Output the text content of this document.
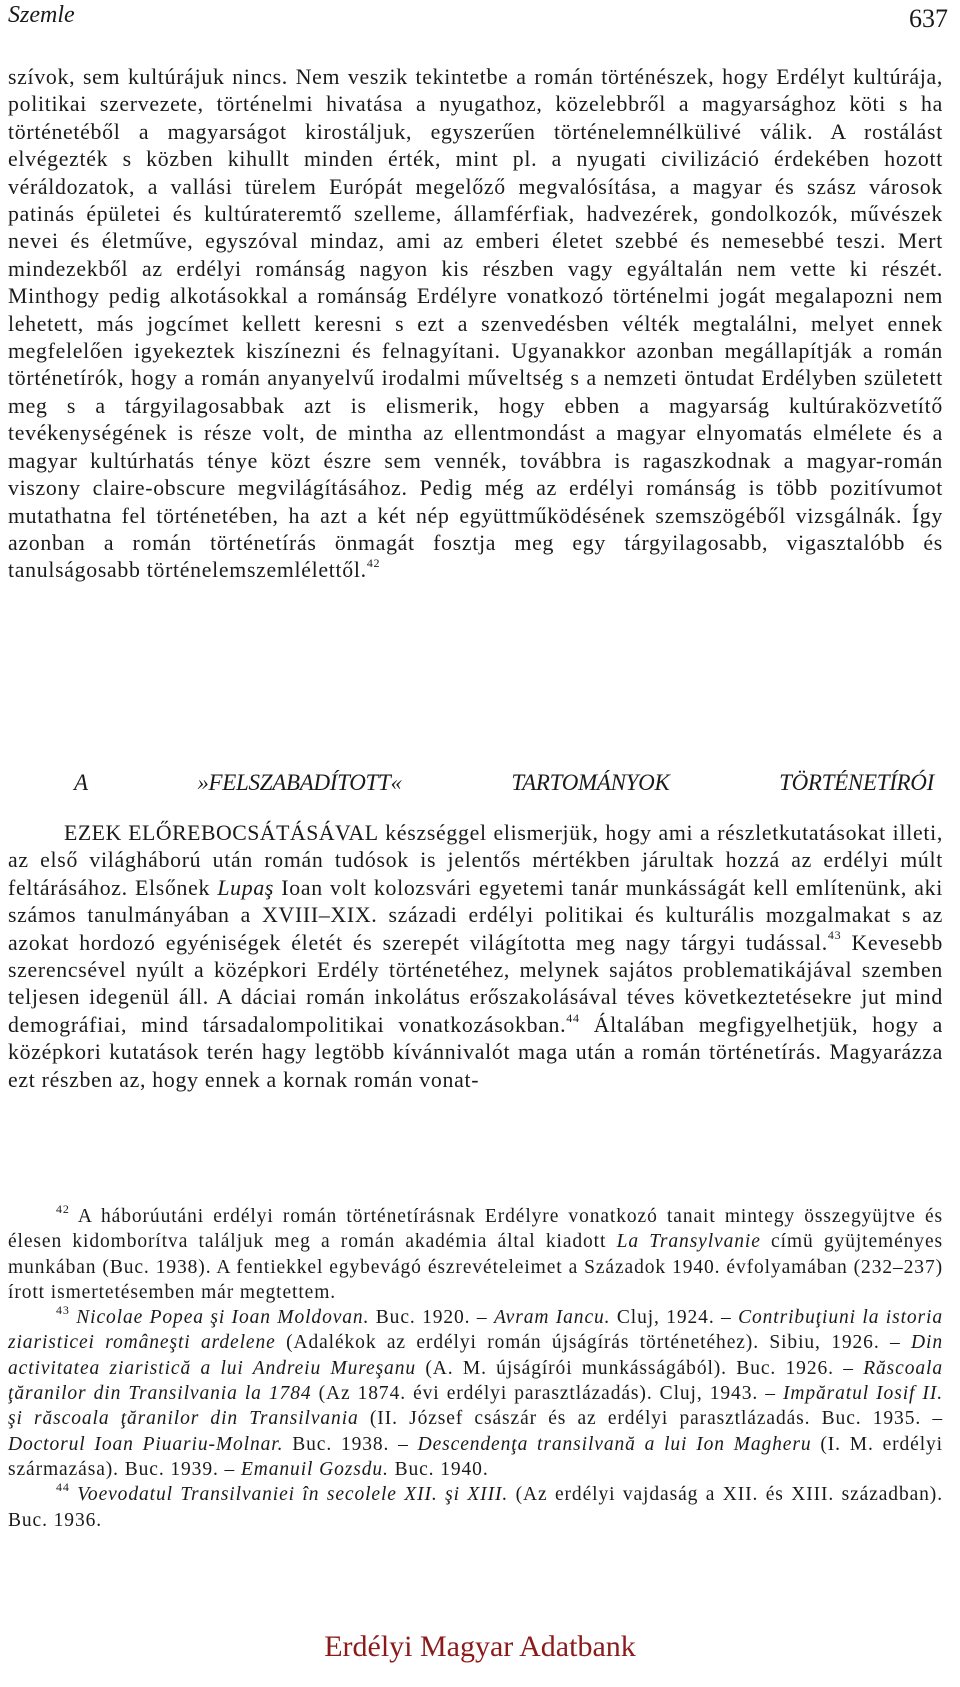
Szemle	637

szívok, sem kultúrájuk nincs. Nem veszik tekintetbe a román történészek, hogy Erdélyt kultúrája, politikai szervezete, történelmi hivatása a nyugathoz, közelebbről a magyarsághoz köti s ha történetéből a magyarságot kirostáljuk, egyszerűen történelemnélkülivé válik. A rostálást elvégezték s közben kihullt minden érték, mint pl. a nyugati civilizáció érdekében hozott véráldozatok, a vallási türelem Európát megelőző megvalósítása, a magyar és szász városok patinás épületei és kultúrateremtő szelleme, államférfiak, hadvezérek, gondolkozók, művészek nevei és életműve, egyszóval mindaz, ami az emberi életet szebbé és nemesebbé teszi. Mert mindezekből az erdélyi románság nagyon kis részben vagy egyáltalán nem vette ki részét. Minthogy pedig alkotásokkal a románság Erdélyre vonatkozó történelmi jogát megalapozni nem lehetett, más jogcímet kellett keresni s ezt a szenvedésben vélték megtalálni, melyet ennek megfelelően igyekeztek kiszínezni és felnagyítani. Ugyanakkor azonban megállapítják a román történetírók, hogy a román anyanyelvű irodalmi műveltség s a nemzeti öntudat Erdélyben született meg s a tárgyilagosabbak azt is elismerik, hogy ebben a magyarság kultúraközvetítő tevékenységének is része volt, de mintha az ellentmondást a magyar elnyomatás elmélete és a magyar kultúrhatás ténye közt észre sem vennék, továbbra is ragaszkodnak a magyar-román viszony claire-obscure megvilágításához. Pedig még az erdélyi románság is több pozitívumot mutathatna fel történetében, ha azt a két nép együttműködésének szemszögéből vizsgálnák. Így azonban a román történetírás önmagát fosztja meg egy tárgyilagosabb, vigasztalóbb és tanulságosabb történelemszemlélettől.$^{42}$

A	»FELSZABADÍTOTT«	TARTOMÁNYOK	TÖRTÉNETÍRÓI

EZEK ELŐREBOCSÁTÁSÁVAL készséggel elismerjük, hogy ami a részletkutatásokat illeti, az első világháború után román tudósok is jelentős mértékben járultak hozzá az erdélyi múlt feltárásához. Elsőnek Lupaş Ioan volt kolozsvári egyetemi tanár munkásságát kell említenünk, aki számos tanulmányában a XVIII–XIX. századi erdélyi politikai és kulturális mozgalmakat s az azokat hordozó egyéniségek életét és szerepét világította meg nagy tárgyi tudással.$^{43}$ Kevesebb szerencsével nyúlt a középkori Erdély történetéhez, melynek sajátos problematikájával szemben teljesen idegenül áll. A dáciai román inkolátus erőszakolásával téves következtetésekre jut mind demográfiai, mind társadalompolitikai vonatkozásokban.$^{44}$ Általában megfigyelhetjük, hogy a középkori kutatások terén hagy legtöbb kívánnivalót maga után a román történetírás. Magyarázza ezt részben az, hogy ennek a kornak román vonat-

$^{42}$ A háborúutáni erdélyi román történetírásnak Erdélyre vonatkozó tanait mintegy összegyüjtve és élesen kidomborítva találjuk meg a román akadémia által kiadott La Transylvanie címü gyüjteményes munkában (Buc. 1938). A fentiekkel egybevágó észrevételeimet a Századok 1940. évfolyamában (232–237) írott ismertetésemben már megtettem.

$^{43}$ Nicolae Popea şi Ioan Moldovan. Buc. 1920. – Avram Iancu. Cluj, 1924. – Contribuţiuni la istoria ziaristicei româneşti ardelene (Adalékok az erdélyi román újságírás történetéhez). Sibiu, 1926. – Din activitatea ziaristică a lui Andreiu Mureşanu (A. M. újságírói munkásságából). Buc. 1926. – Răscoala ţăranilor din Transilvania la 1784 (Az 1874. évi erdélyi parasztlázadás). Cluj, 1943. – Impăratul Iosif II. şi răscoala ţăranilor din Transilvania (II. József császár és az erdélyi parasztlázadás. Buc. 1935. – Doctorul Ioan Piuariu-Molnar. Buc. 1938. – Descendenţa transilvană a lui Ion Magheru (I. M. erdélyi származása). Buc. 1939. – Emanuil Gozsdu. Buc. 1940.

$^{44}$ Voevodatul Transilvaniei în secolele XII. şi XIII. (Az erdélyi vajdaság a XII. és XIII. században). Buc. 1936.

Erdélyi Magyar Adatbank
